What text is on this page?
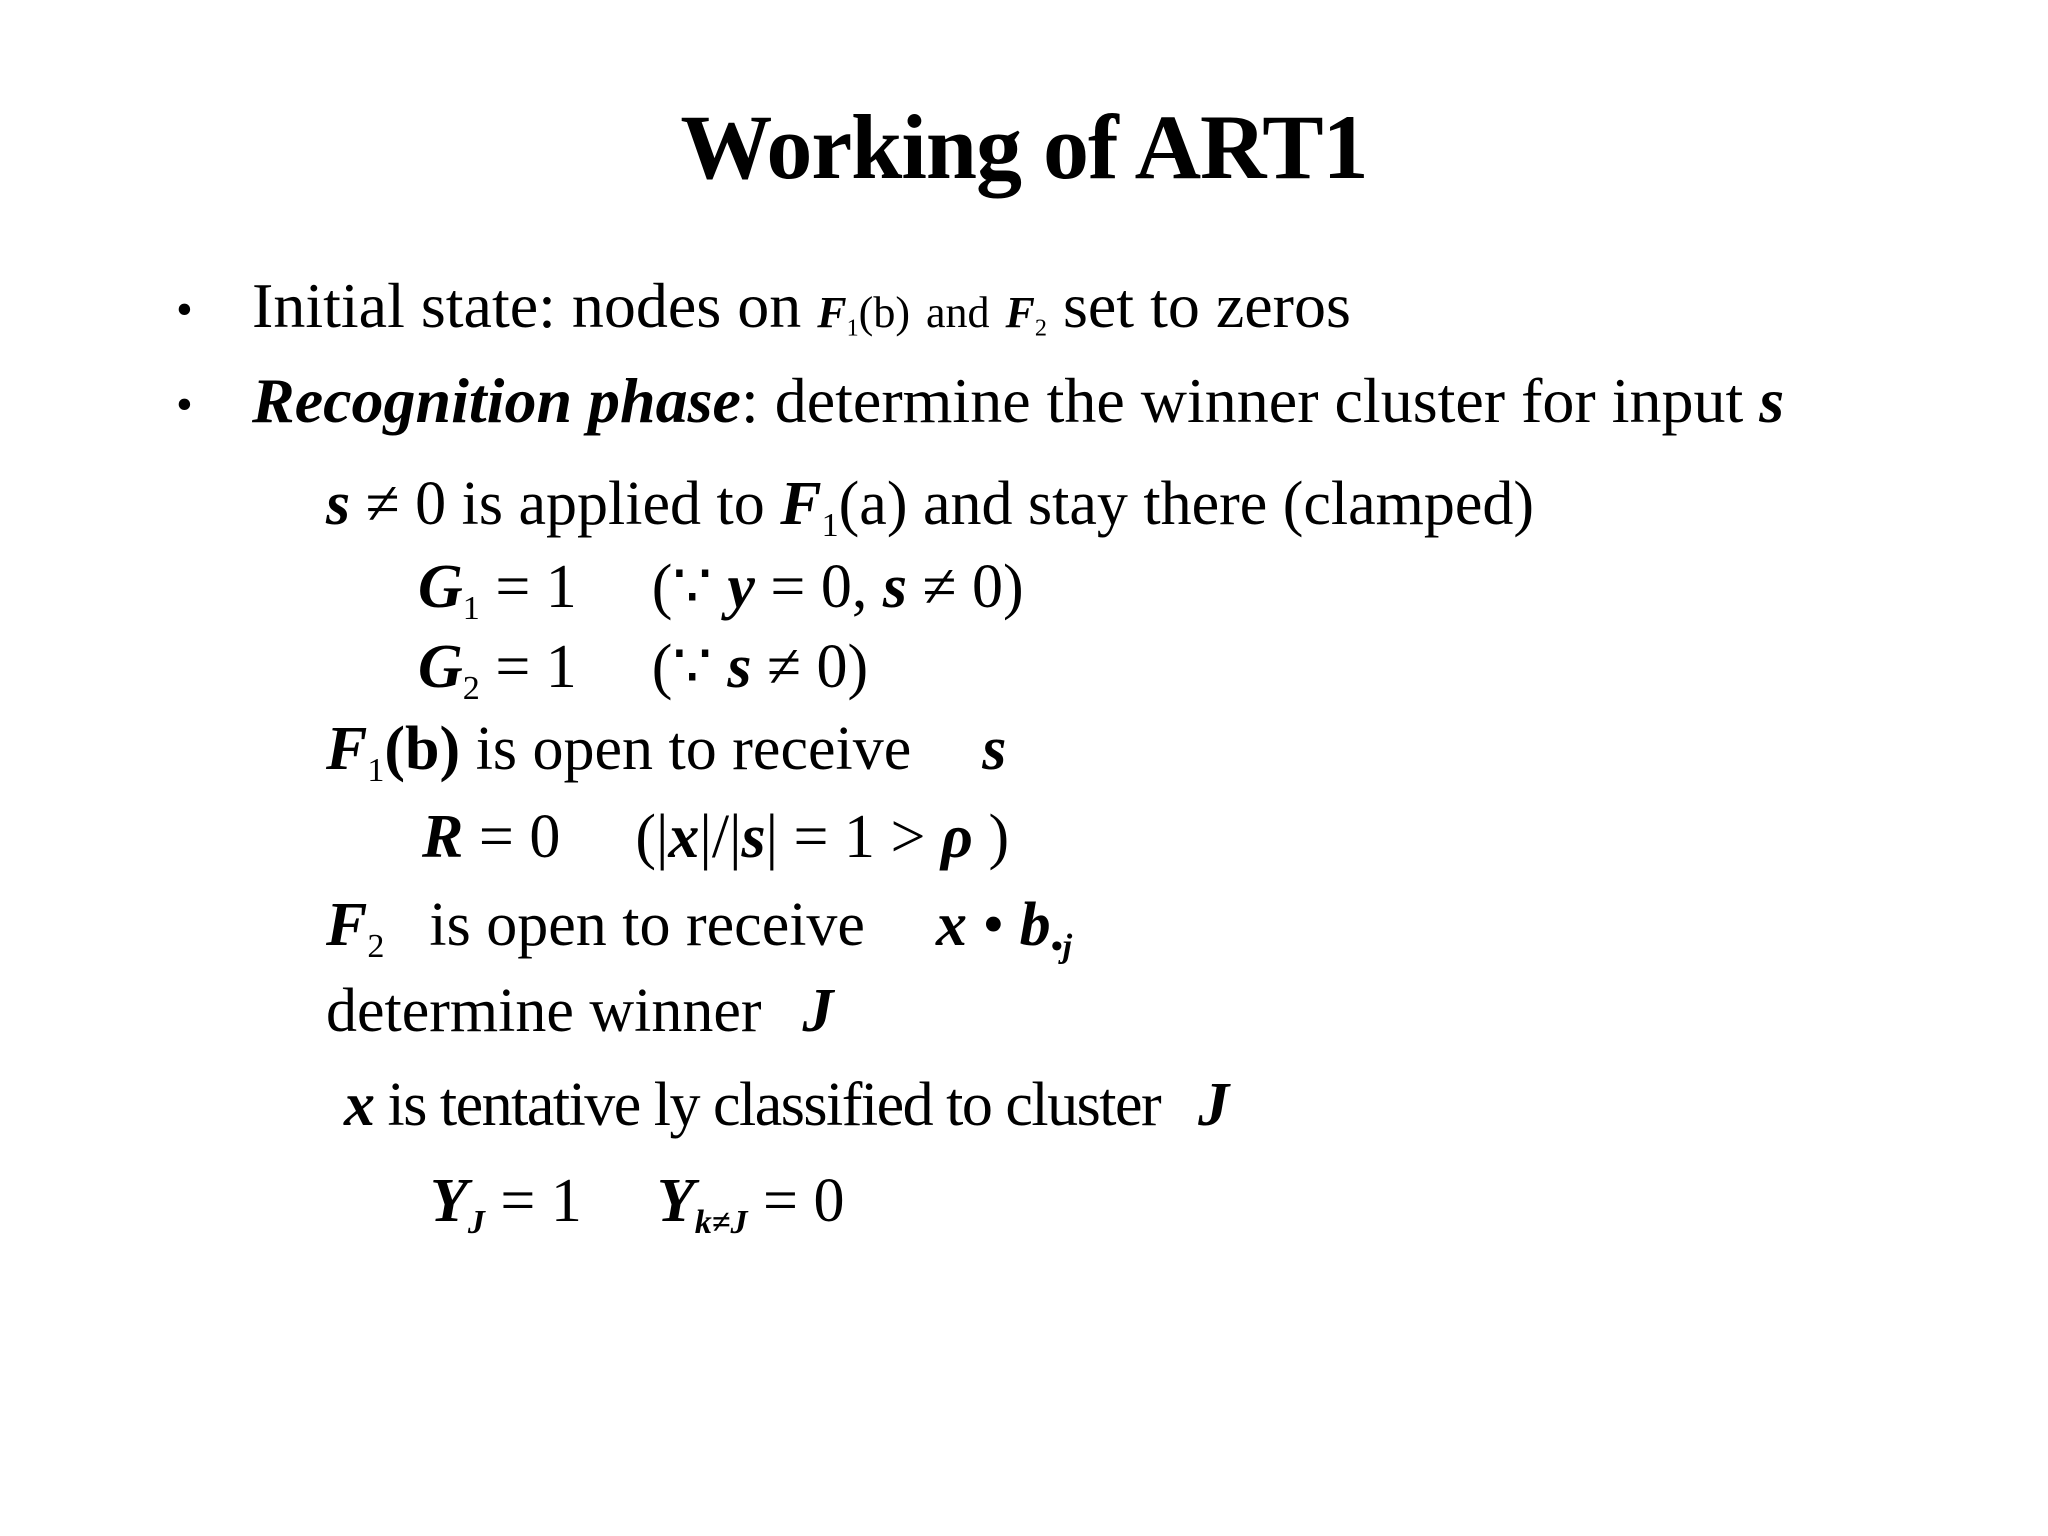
Working of ART1
• Initial state: nodes on $F_1(b)$ and $F_2$ set to zeros
• Recognition phase: determine the winner cluster for input s
s ≠ 0 is applied to $F_1(a)$ and stay there (clamped)
$G_1 = 1$ (∵ y = 0, s ≠ 0)
$G_2 = 1$ (∵ s ≠ 0)
$F_1(b)$ is open to receive s
R = 0 (|x|/|s| = 1 > ρ )
$F_2$ is open to receive x • b•j
determine winner J
x is tentative ly classified to cluster J
YJ = 1 Yk≠J = 0
